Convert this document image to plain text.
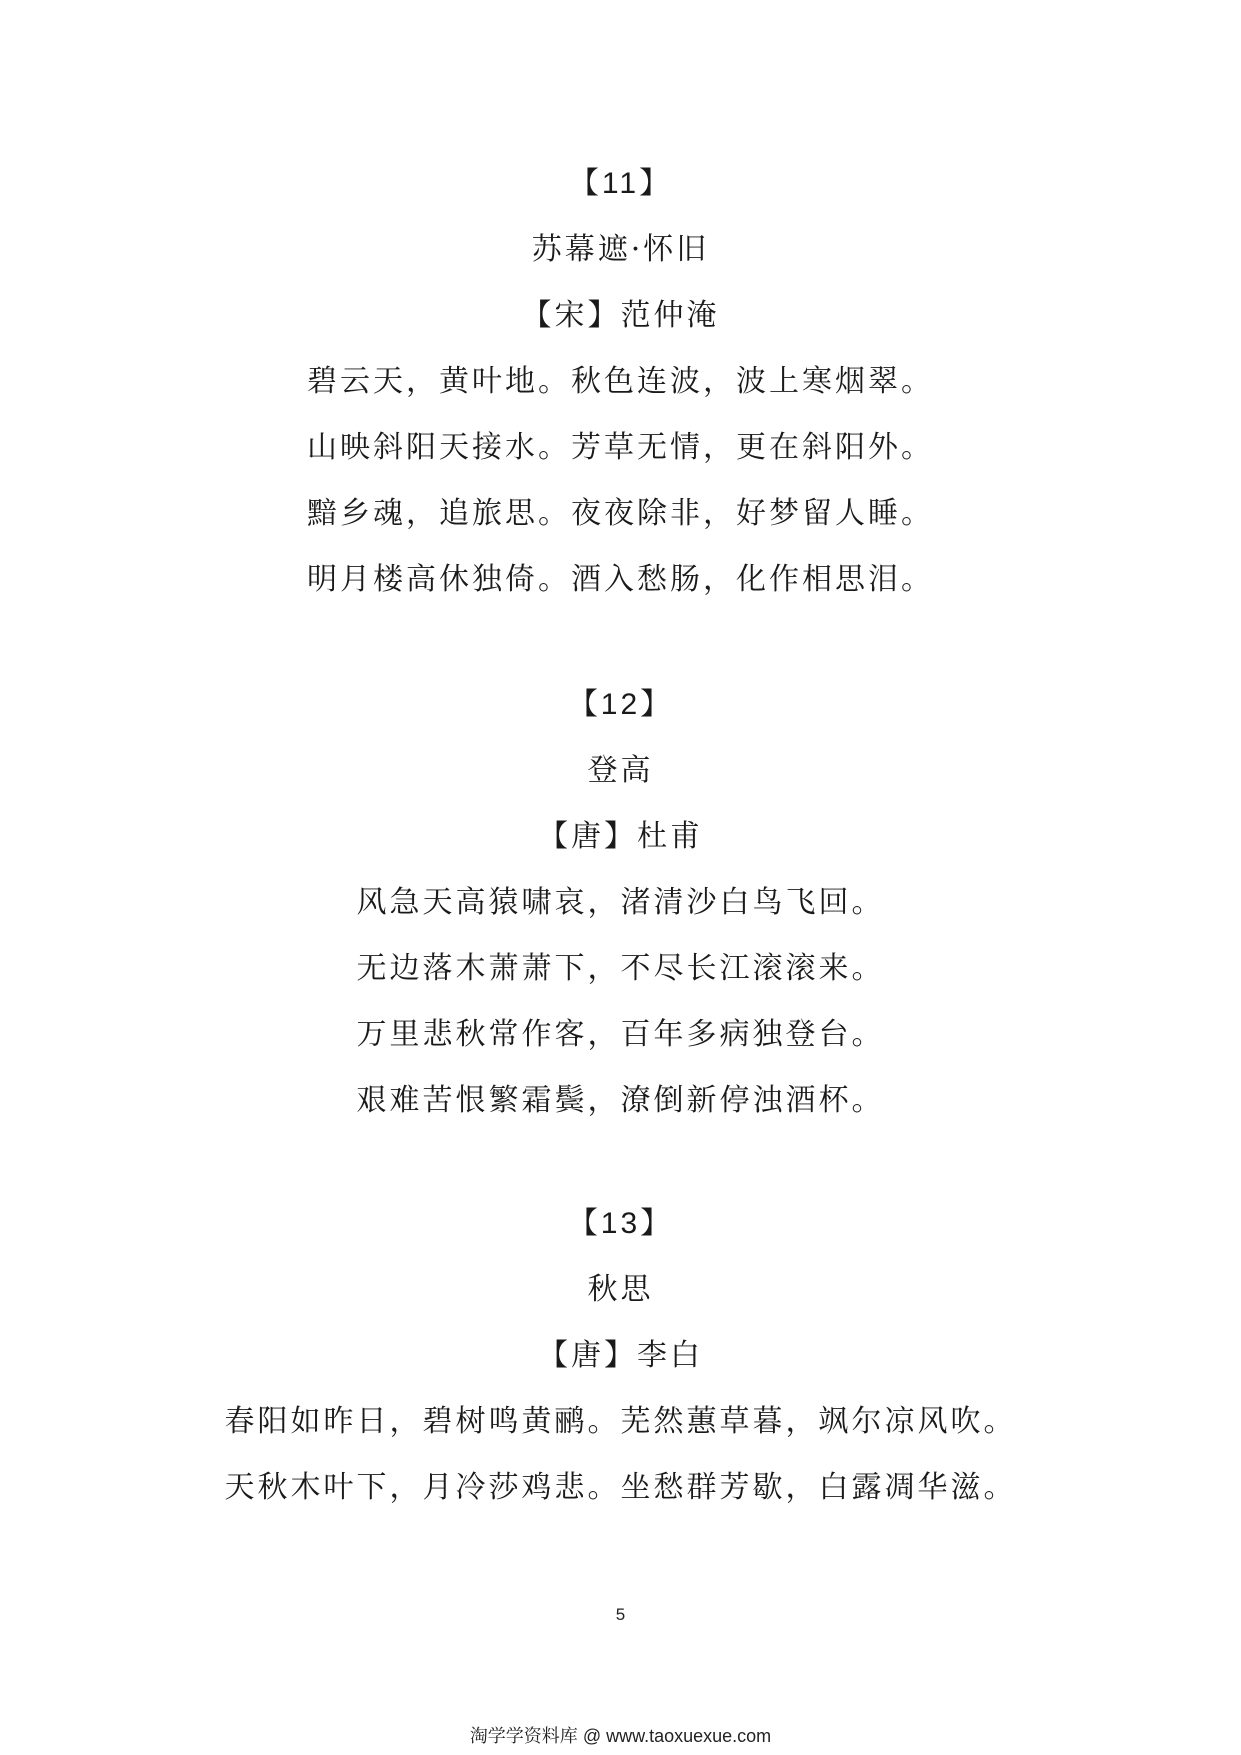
【11】
苏幕遮·怀旧
【宋】范仲淹
碧云天，黄叶地。秋色连波，波上寒烟翠。
山映斜阳天接水。芳草无情，更在斜阳外。
黯乡魂，追旅思。夜夜除非，好梦留人睡。
明月楼高休独倚。酒入愁肠，化作相思泪。
【12】
登高
【唐】杜甫
风急天高猿啸哀，渚清沙白鸟飞回。
无边落木萧萧下，不尽长江滚滚来。
万里悲秋常作客，百年多病独登台。
艰难苦恨繁霜鬓，潦倒新停浊酒杯。
【13】
秋思
【唐】李白
春阳如昨日，碧树鸣黄鹂。芜然蕙草暮，飒尔凉风吹。
天秋木叶下，月冷莎鸡悲。坐愁群芳歇，白露凋华滋。
5
淘学学资料库 @ www.taoxuexue.com
